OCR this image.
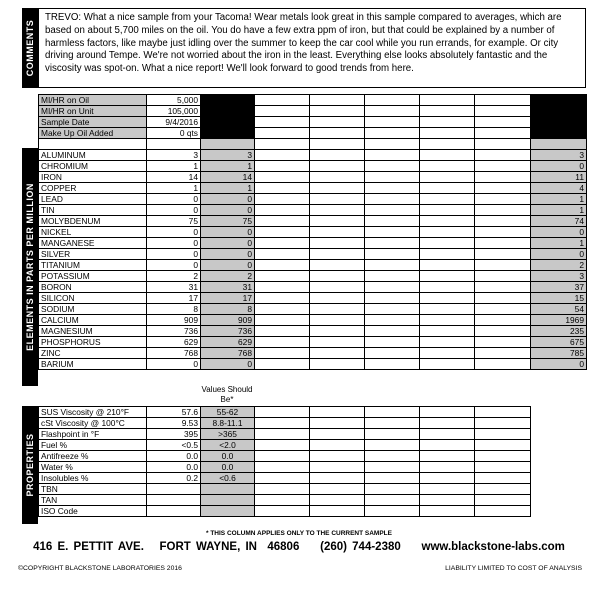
COMMENTS
TREVO: What a nice sample from your Tacoma! Wear metals look great in this sample compared to averages, which are based on about 5,700 miles on the oil. You do have a few extra ppm of iron, but that could be explained by a number of harmless factors, like maybe just idling over the summer to keep the car cool while you run errands, for example. Or city driving around Tempe. We're not worried about the iron in the least. Everything else looks absolutely fantastic and the viscosity was spot-on. What a nice report! We'll look forward to good trends from here.
ELEMENTS IN PARTS PER MILLION
MI/HR on Oil	5,000							
MI/HR on Unit	105,000							
Sample Date	9/4/2016							
Make Up Oil Added	0 qts							

ALUMINUM	3	3						3
CHROMIUM	1	1						0
IRON	14	14						11
COPPER	1	1						4
LEAD	0	0						1
TIN	0	0						1
MOLYBDENUM	75	75						74
NICKEL	0	0						0
MANGANESE	0	0						1
SILVER	0	0						0
TITANIUM	0	0						2
POTASSIUM	2	2						3
BORON	31	31						37
SILICON	17	17						15
SODIUM	8	8						54
CALCIUM	909	909						1969
MAGNESIUM	736	736						235
PHOSPHORUS	629	629						675
ZINC	768	768						785
BARIUM	0	0						0
PROPERTIES
Values Should Be*
SUS Viscosity @ 210°F	57.6	55-62					
cSt Viscosity @ 100°C	9.53	8.8-11.1					
Flashpoint in °F	395	>365					
Fuel %	<0.5	<2.0					
Antifreeze %	0.0	0.0					
Water %	0.0	0.0					
Insolubles %	0.2	<0.6					
TBN							
TAN							
ISO Code							
* THIS COLUMN APPLIES ONLY TO THE CURRENT SAMPLE
416 E. PETTIT AVE.   FORT WAYNE, IN  46806    (260) 744-2380    www.blackstone-labs.com
©COPYRIGHT BLACKSTONE LABORATORIES 2016	LIABILITY LIMITED TO COST OF ANALYSIS
